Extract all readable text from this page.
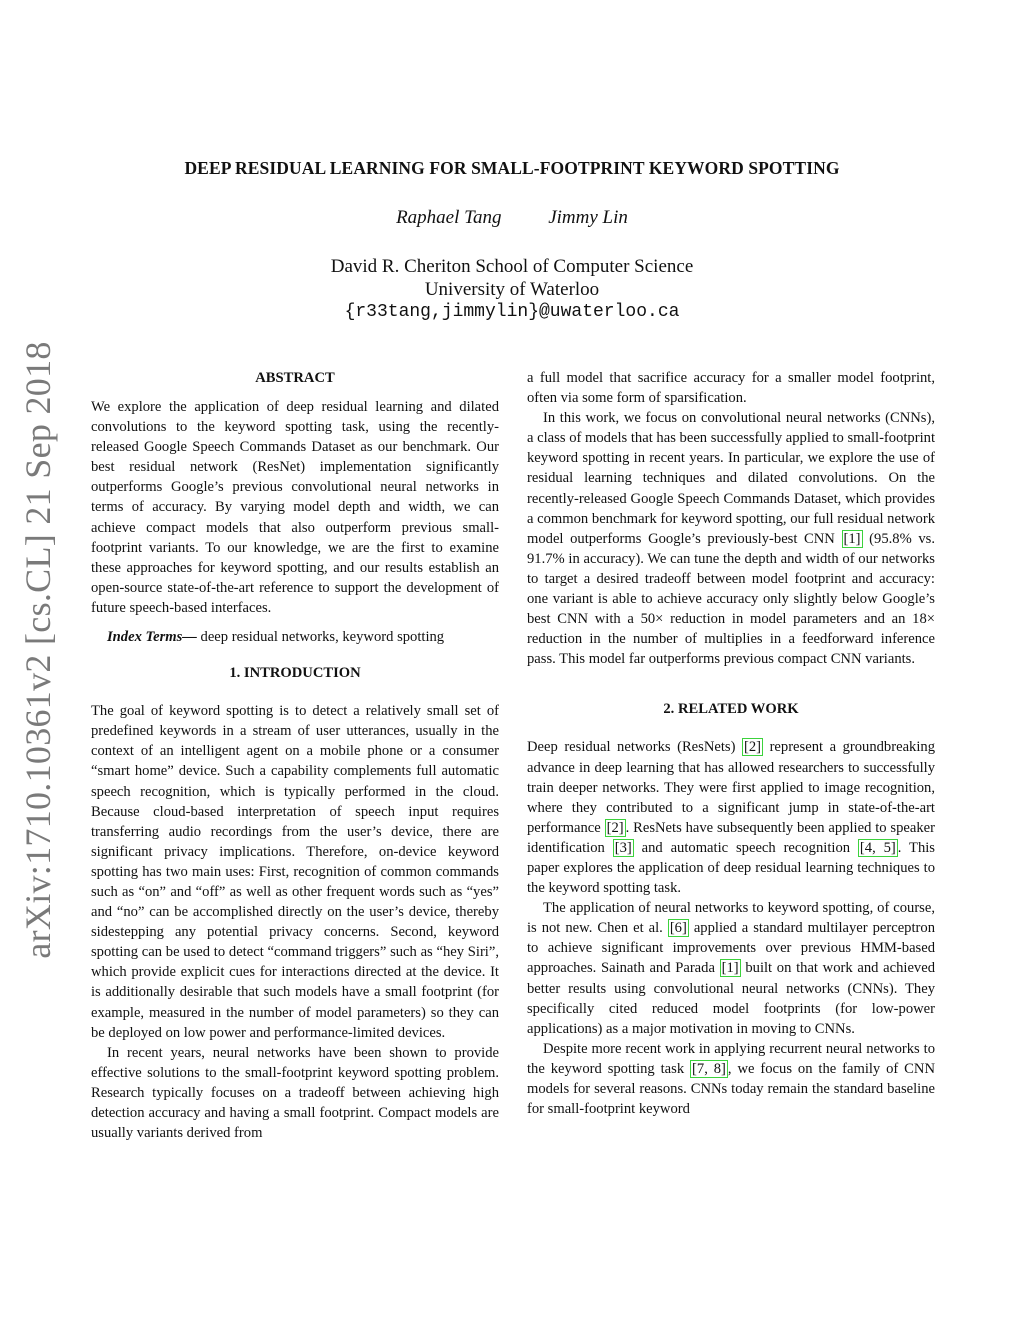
arXiv:1710.10361v2 [cs.CL] 21 Sep 2018
DEEP RESIDUAL LEARNING FOR SMALL-FOOTPRINT KEYWORD SPOTTING
Raphael Tang Jimmy Lin
David R. Cheriton School of Computer Science
University of Waterloo
{r33tang,jimmylin}@uwaterloo.ca
ABSTRACT

We explore the application of deep residual learning and dilated convolutions to the keyword spotting task, using the recently-released Google Speech Commands Dataset as our benchmark. Our best residual network (ResNet) implementation significantly outperforms Google’s previous convolutional neural networks in terms of accuracy. By varying model depth and width, we can achieve compact models that also outperform previous small-footprint variants. To our knowledge, we are the first to examine these approaches for keyword spotting, and our results establish an open-source state-of-the-art reference to support the development of future speech-based interfaces.

Index Terms— deep residual networks, keyword spotting

1. INTRODUCTION

The goal of keyword spotting is to detect a relatively small set of predefined keywords in a stream of user utterances, usually in the context of an intelligent agent on a mobile phone or a consumer “smart home” device. Such a capability complements full automatic speech recognition, which is typically performed in the cloud. Because cloud-based interpretation of speech input requires transferring audio recordings from the user’s device, there are significant privacy implications. Therefore, on-device keyword spotting has two main uses: First, recognition of common commands such as “on” and “off” as well as other frequent words such as “yes” and “no” can be accomplished directly on the user’s device, thereby sidestepping any potential privacy concerns. Second, keyword spotting can be used to detect “command triggers” such as “hey Siri”, which provide explicit cues for interactions directed at the device. It is additionally desirable that such models have a small footprint (for example, measured in the number of model parameters) so they can be deployed on low power and performance-limited devices.

In recent years, neural networks have been shown to provide effective solutions to the small-footprint keyword spotting problem. Research typically focuses on a tradeoff between achieving high detection accuracy and having a small footprint. Compact models are usually variants derived from

a full model that sacrifice accuracy for a smaller model footprint, often via some form of sparsification.

In this work, we focus on convolutional neural networks (CNNs), a class of models that has been successfully applied to small-footprint keyword spotting in recent years. In particular, we explore the use of residual learning techniques and dilated convolutions. On the recently-released Google Speech Commands Dataset, which provides a common benchmark for keyword spotting, our full residual network model outperforms Google’s previously-best CNN [1] (95.8% vs. 91.7% in accuracy). We can tune the depth and width of our networks to target a desired tradeoff between model footprint and accuracy: one variant is able to achieve accuracy only slightly below Google’s best CNN with a 50× reduction in model parameters and an 18× reduction in the number of multiplies in a feedforward inference pass. This model far outperforms previous compact CNN variants.

2. RELATED WORK

Deep residual networks (ResNets) [2] represent a groundbreaking advance in deep learning that has allowed researchers to successfully train deeper networks. They were first applied to image recognition, where they contributed to a significant jump in state-of-the-art performance [2] . ResNets have subsequently been applied to speaker identification [3] and automatic speech recognition [4, 5] . This paper explores the application of deep residual learning techniques to the keyword spotting task.

The application of neural networks to keyword spotting, of course, is not new. Chen et al. [6] applied a standard multilayer perceptron to achieve significant improvements over previous HMM-based approaches. Sainath and Parada [1] built on that work and achieved better results using convolutional neural networks (CNNs). They specifically cited reduced model footprints (for low-power applications) as a major motivation in moving to CNNs.

Despite more recent work in applying recurrent neural networks to the keyword spotting task [7, 8] , we focus on the family of CNN models for several reasons. CNNs today remain the standard baseline for small-footprint keyword
